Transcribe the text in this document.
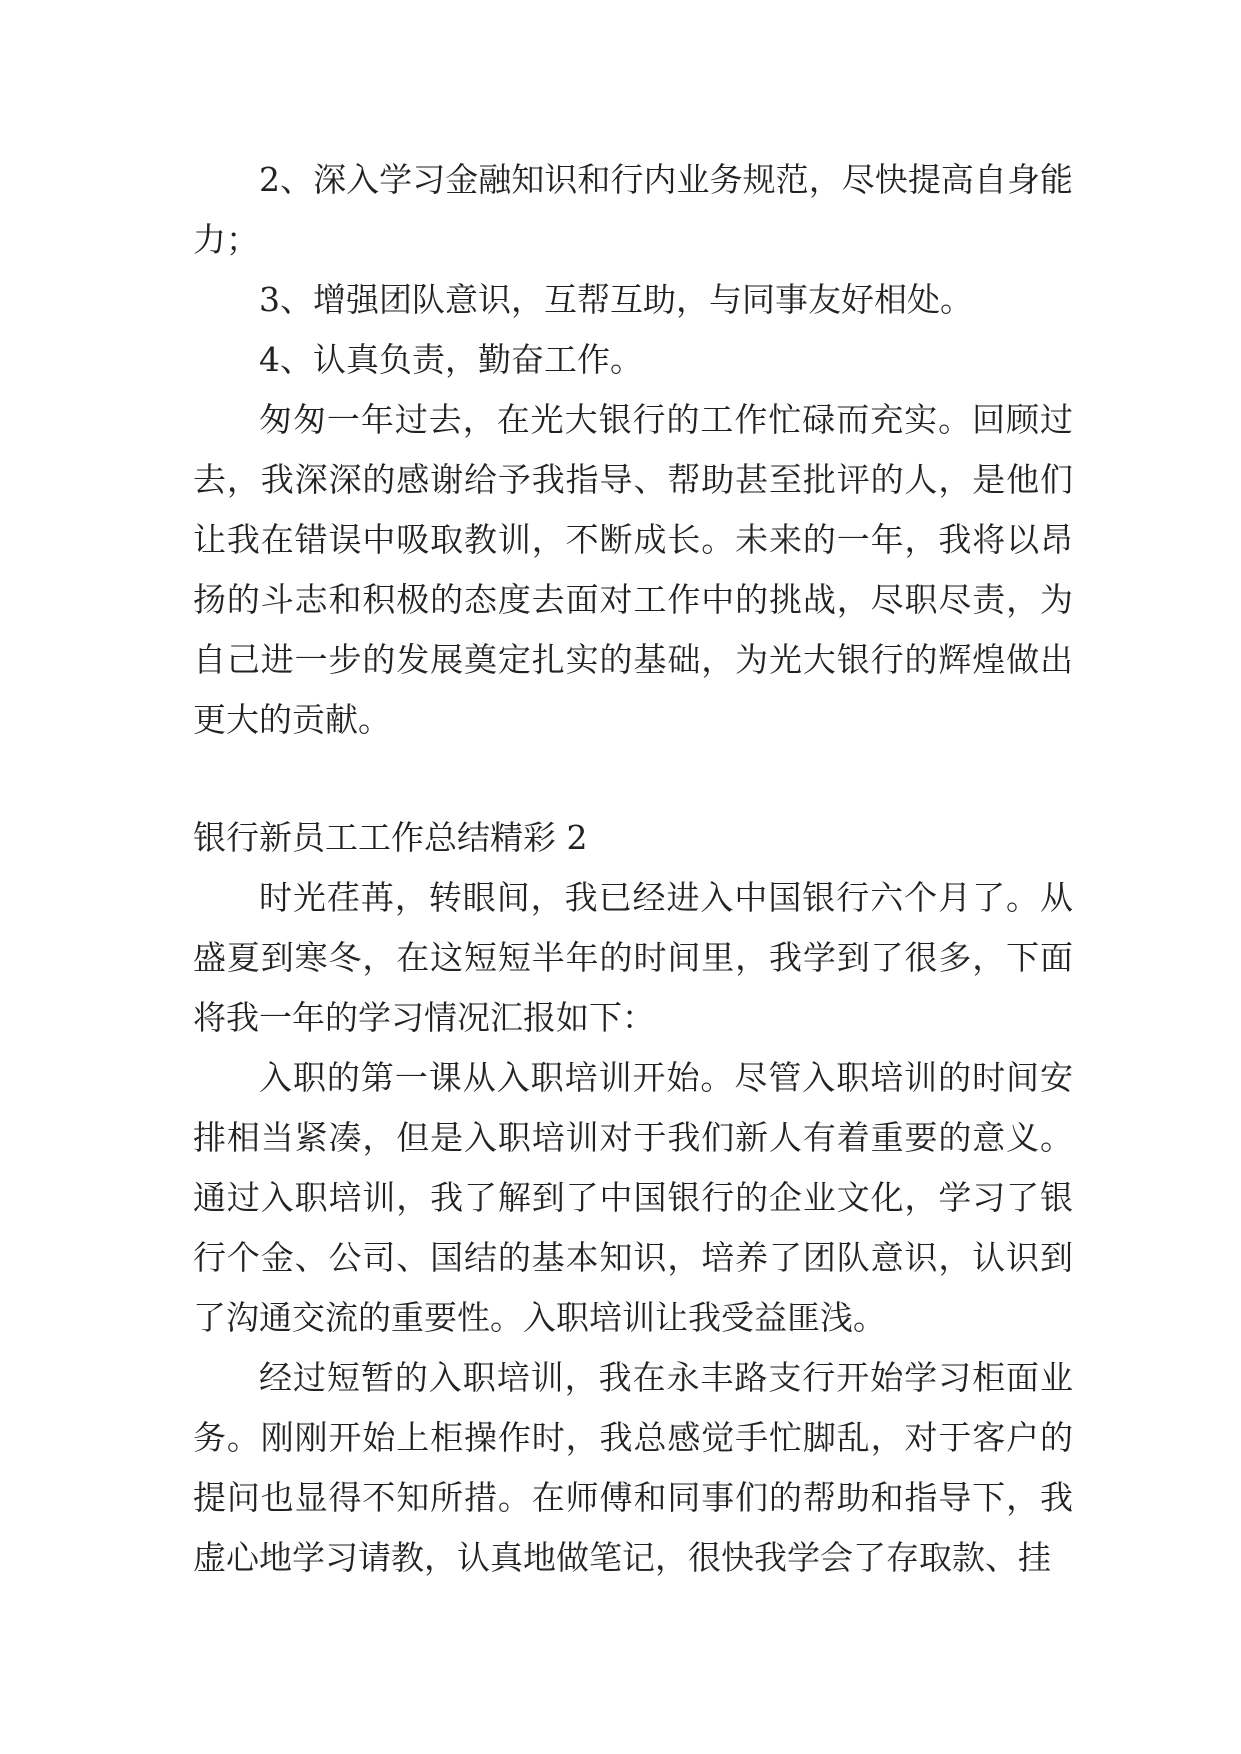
2、深入学习金融知识和行内业务规范，尽快提高自身能力；

3、增强团队意识，互帮互助，与同事友好相处。

4、认真负责，勤奋工作。

匆匆一年过去，在光大银行的工作忙碌而充实。回顾过去，我深深的感谢给予我指导、帮助甚至批评的人，是他们让我在错误中吸取教训，不断成长。未来的一年，我将以昂扬的斗志和积极的态度去面对工作中的挑战，尽职尽责，为自己进一步的发展奠定扎实的基础，为光大银行的辉煌做出更大的贡献。

银行新员工工作总结精彩 2

时光荏苒，转眼间，我已经进入中国银行六个月了。从盛夏到寒冬，在这短短半年的时间里，我学到了很多，下面将我一年的学习情况汇报如下：

入职的第一课从入职培训开始。尽管入职培训的时间安排相当紧凑，但是入职培训对于我们新人有着重要的意义。通过入职培训，我了解到了中国银行的企业文化，学习了银行个金、公司、国结的基本知识，培养了团队意识，认识到了沟通交流的重要性。入职培训让我受益匪浅。

经过短暂的入职培训，我在永丰路支行开始学习柜面业务。刚刚开始上柜操作时，我总感觉手忙脚乱，对于客户的提问也显得不知所措。在师傅和同事们的帮助和指导下，我虚心地学习请教，认真地做笔记，很快我学会了存取款、挂
